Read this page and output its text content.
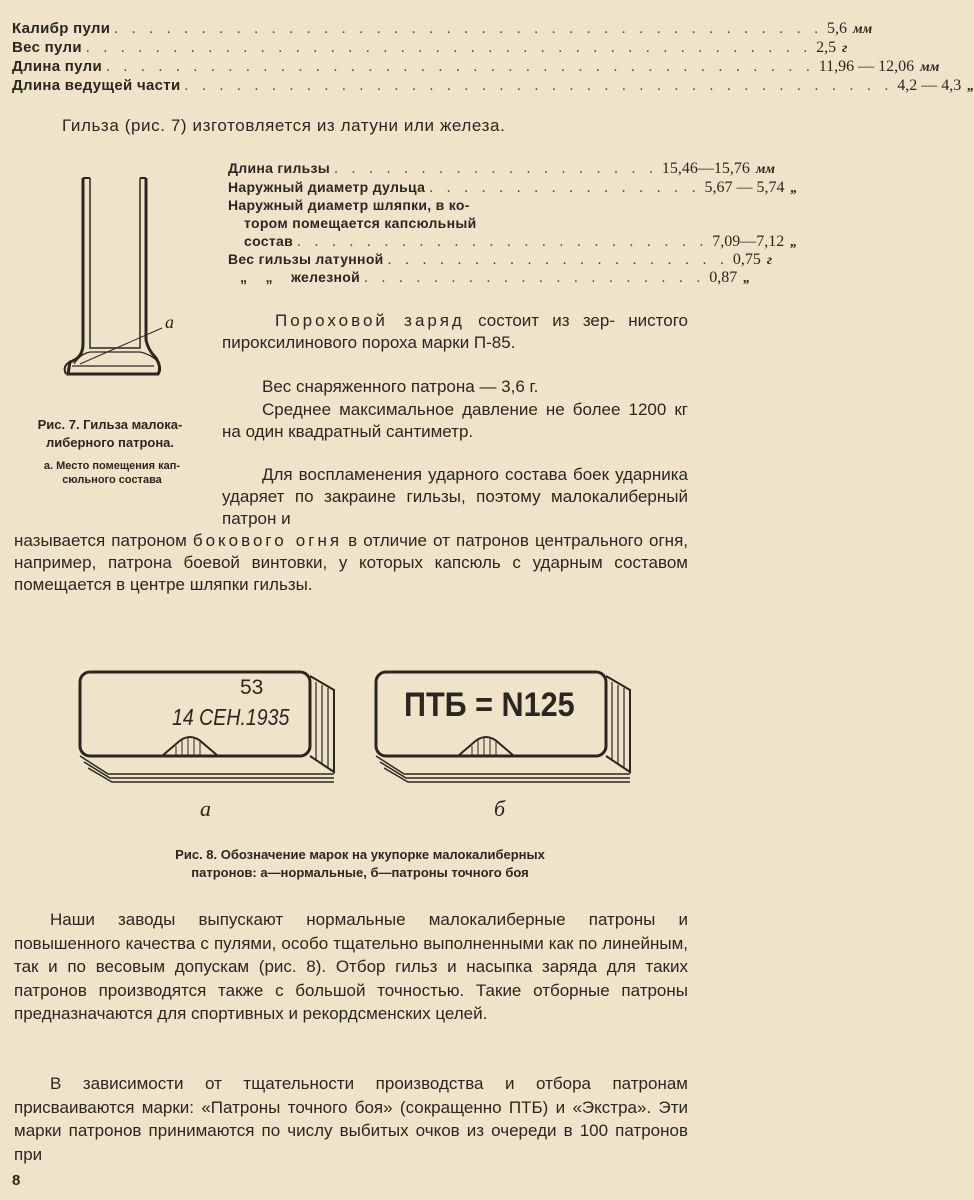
Калибр пули . . . . . . . . . . . . . . . . . . . . . . . . . . . . . . . . . . . . . . . . . 5,6 мм
Вес пули . . . . . . . . . . . . . . . . . . . . . . . . . . . . . . . . . . . . . . . . . . 2,5 г
Длина пули . . . . . . . . . . . . . . . . . . . . . . . . . . . . . . . . . . . . . . . . . 11,96 — 12,06 мм
Длина ведущей части . . . . . . . . . . . . . . . . . . . . . . . . . . . . . . . . . . . . . . . . . 4,2 — 4,3 „
Гильза (рис. 7) изготовляется из латуни или железа.
a
Рис. 7. Гильза малока-
либерного патрона.
а. Место помещения кап-
сюльного состава
Длина гильзы . . . . . . . . . . . . . . . . . . . 15,46—15,76 мм
Наружный диаметр дульца . . . . . . . . . . . . . . . . 5,67 — 5,74 „
Наружный диаметр шляпки, в ко-
тором помещается капсюльный
состав . . . . . . . . . . . . . . . . . . . . . . . . 7,09—7,12 „
Вес гильзы латунной . . . . . . . . . . . . . . . . . . . . 0,75 г
„ „ железной . . . . . . . . . . . . . . . . . . . . 0,87 „

Пороховой заряд состоит из зер- нистого пироксилинового пороха марки П-85.

Вес снаряженного патрона — 3,6 г.

Среднее максимальное давление не более 1200 кг на один квадратный сантиметр.

Для воспламенения ударного состава боек ударника ударяет по закраине гильзы, поэтому малокалиберный патрон и

называется патроном бокового огня в отличие от патронов центрального огня, например, патрона боевой винтовки, у которых капсюль с ударным составом помещается в центре шляпки гильзы.

53
14 СЕН.1935	ПТБ = N125
а	б
Рис. 8. Обозначение марок на укупорке малокалиберных
патронов: а—нормальные, б—патроны точного боя

Наши заводы выпускают нормальные малокалиберные патроны и повышенного качества с пулями, особо тщательно выполненными как по линейным, так и по весовым допускам (рис. 8). Отбор гильз и насыпка заряда для таких патронов производятся также с большой точностью. Такие отборные патроны предназначаются для спортивных и рекордсменских целей.

В зависимости от тщательности производства и отбора патронам присваиваются марки: «Патроны точного боя» (сокращенно ПТБ) и «Экстра». Эти марки патронов принимаются по числу выбитых очков из очереди в 100 патронов при

8
